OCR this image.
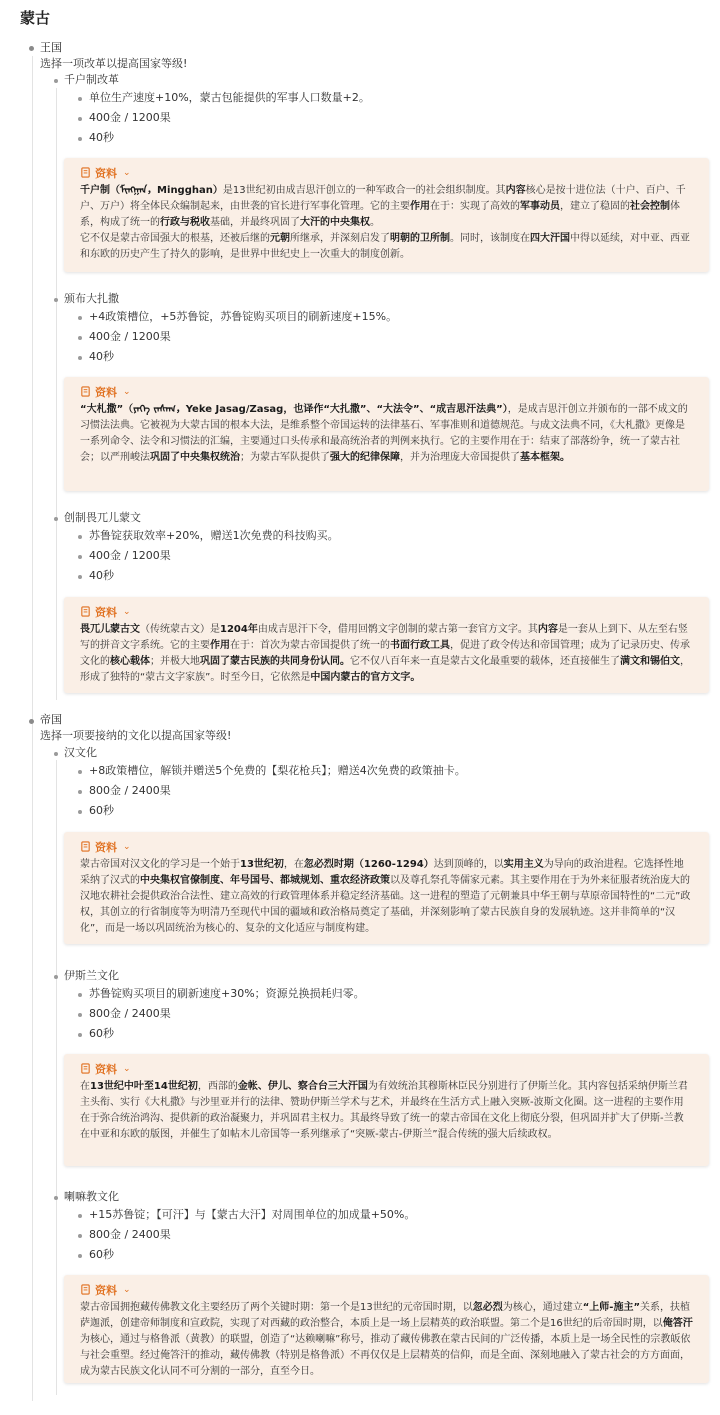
蒙古
王国
选择一项改革以提高国家等级!
千户制改革
单位生产速度+10%，蒙古包能提供的军事人口数量+2。
400金 / 1200果
40秒
资料 ⌄

千户制（ᠮᠢᠩᠭᠠᠨ，Mingghan）是13世纪初由成吉思汗创立的一种军政合一的社会组织制度。其内容核心是按十进位法（十户、百户、千户、万户）将全体民众编制起来，由世袭的官长进行军事化管理。它的主要作用在于：实现了高效的军事动员，建立了稳固的社会控制体系，构成了统一的行政与税收基础，并最终巩固了大汗的中央集权。

它不仅是蒙古帝国强大的根基，还被后继的元朝所继承，并深刻启发了明朝的卫所制。同时，该制度在四大汗国中得以延续，对中亚、西亚和东欧的历史产生了持久的影响，是世界中世纪史上一次重大的制度创新。

颁布大扎撒
+4政策槽位，+5苏鲁锭，苏鲁锭购买项目的刷新速度+15%。
400金 / 1200果
40秒
资料 ⌄

“大札撒”（ᠶᠡᠬᠡ ᠵᠠᠰᠠᠭ，Yeke Jasag/Zasag，也译作“大扎撒”、“大法令”、“成吉思汗法典”），是成吉思汗创立并颁布的一部不成文的习惯法法典。它被视为大蒙古国的根本大法，是维系整个帝国运转的法律基石、军事准则和道德规范。与成文法典不同，《大札撒》更像是一系列命令、法令和习惯法的汇编，主要通过口头传承和最高统治者的判例来执行。它的主要作用在于：结束了部落纷争，统一了蒙古社会；以严刑峻法巩固了中央集权统治；为蒙古军队提供了强大的纪律保障，并为治理庞大帝国提供了基本框架。

创制畏兀儿蒙文
苏鲁锭获取效率+20%，赠送1次免费的科技购买。
400金 / 1200果
40秒
资料 ⌄

畏兀儿蒙古文（传统蒙古文）是1204年由成吉思汗下令，借用回鹘文字创制的蒙古第一套官方文字。其内容是一套从上到下、从左至右竖写的拼音文字系统。它的主要作用在于：首次为蒙古帝国提供了统一的书面行政工具，促进了政令传达和帝国管理；成为了记录历史、传承文化的核心载体；并极大地巩固了蒙古民族的共同身份认同。它不仅八百年来一直是蒙古文化最重要的载体，还直接催生了满文和锡伯文，形成了独特的“蒙古文字家族”。时至今日，它依然是中国内蒙古的官方文字。

帝国
选择一项要接纳的文化以提高国家等级!
汉文化
+8政策槽位，解锁并赠送5个免费的【梨花枪兵】；赠送4次免费的政策抽卡。
800金 / 2400果
60秒
资料 ⌄

蒙古帝国对汉文化的学习是一个始于13世纪初，在忽必烈时期（1260-1294）达到顶峰的，以实用主义为导向的政治进程。它选择性地采纳了汉式的中央集权官僚制度、年号国号、都城规划、重农经济政策以及尊孔祭孔等儒家元素。其主要作用在于为外来征服者统治庞大的汉地农耕社会提供政治合法性、建立高效的行政管理体系并稳定经济基础。这一进程的塑造了元朝兼具中华王朝与草原帝国特性的“二元”政权，其创立的行省制度等为明清乃至现代中国的疆域和政治格局奠定了基础，并深刻影响了蒙古民族自身的发展轨迹。这并非简单的“汉化”，而是一场以巩固统治为核心的、复杂的文化适应与制度构建。

伊斯兰文化
苏鲁锭购买项目的刷新速度+30%；资源兑换损耗归零。
800金 / 2400果
60秒
资料 ⌄

在13世纪中叶至14世纪初，西部的金帐、伊儿、察合台三大汗国为有效统治其穆斯林臣民分别进行了伊斯兰化。其内容包括采纳伊斯兰君主头衔、实行《大札撒》与沙里亚并行的法律、赞助伊斯兰学术与艺术，并最终在生活方式上融入突厥-波斯文化圈。这一进程的主要作用在于弥合统治鸿沟、提供新的政治凝聚力，并巩固君主权力。其最终导致了统一的蒙古帝国在文化上彻底分裂，但巩固并扩大了伊斯-兰教在中亚和东欧的版图，并催生了如帖木儿帝国等一系列继承了“突厥-蒙古-伊斯兰”混合传统的强大后续政权。

喇嘛教文化
+15苏鲁锭；【可汗】与【蒙古大汗】对周围单位的加成量+50%。
800金 / 2400果
60秒
资料 ⌄

蒙古帝国拥抱藏传佛教文化主要经历了两个关键时期：第一个是13世纪的元帝国时期，以忽必烈为核心，通过建立“上师-施主”关系，扶植萨迦派，创建帝师制度和宣政院，实现了对西藏的政治整合，本质上是一场上层精英的政治联盟。第二个是16世纪的后帝国时期，以俺答汗为核心，通过与格鲁派（黄教）的联盟，创造了“达赖喇嘛”称号，推动了藏传佛教在蒙古民间的广泛传播，本质上是一场全民性的宗教皈依与社会重塑。经过俺答汗的推动，藏传佛教（特别是格鲁派）不再仅仅是上层精英的信仰，而是全面、深刻地融入了蒙古社会的方方面面，成为蒙古民族文化认同不可分割的一部分，直至今日。
